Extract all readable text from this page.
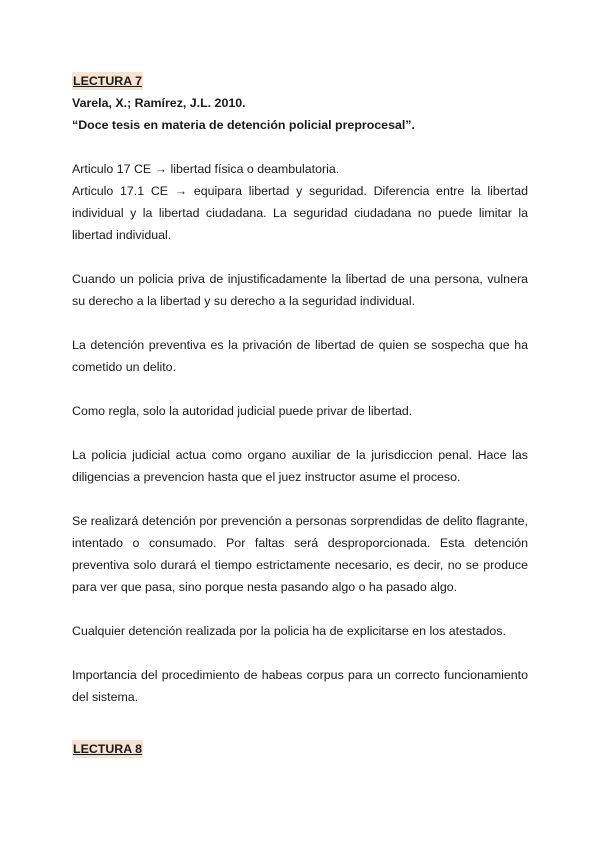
LECTURA 7

Varela, X.; Ramírez, J.L. 2010.

“Doce tesis en materia de detención policial preprocesal”.

Articulo 17 CE → libertad física o deambulatoria.

Articulo 17.1 CE → equipara libertad y seguridad. Diferencia entre la libertad individual y la libertad ciudadana. La seguridad ciudadana no puede limitar la libertad individual.

Cuando un policia priva de injustificadamente la libertad de una persona, vulnera su derecho a la libertad y su derecho a la seguridad individual.

La detención preventiva es la privación de libertad de quien se sospecha que ha cometido un delito.

Como regla, solo la autoridad judicial puede privar de libertad.

La policia judicial actua como organo auxiliar de la jurisdiccion penal. Hace las diligencias a prevencion hasta que el juez instructor asume el proceso.

Se realizará detención por prevención a personas sorprendidas de delito flagrante, intentado o consumado. Por faltas será desproporcionada. Esta detención preventiva solo durará el tiempo estrictamente necesario, es decir, no se produce para ver que pasa, sino porque nesta pasando algo o ha pasado algo.

Cualquier detención realizada por la policia ha de explicitarse en los atestados.

Importancia del procedimiento de habeas corpus para un correcto funcionamiento del sistema.

LECTURA 8
